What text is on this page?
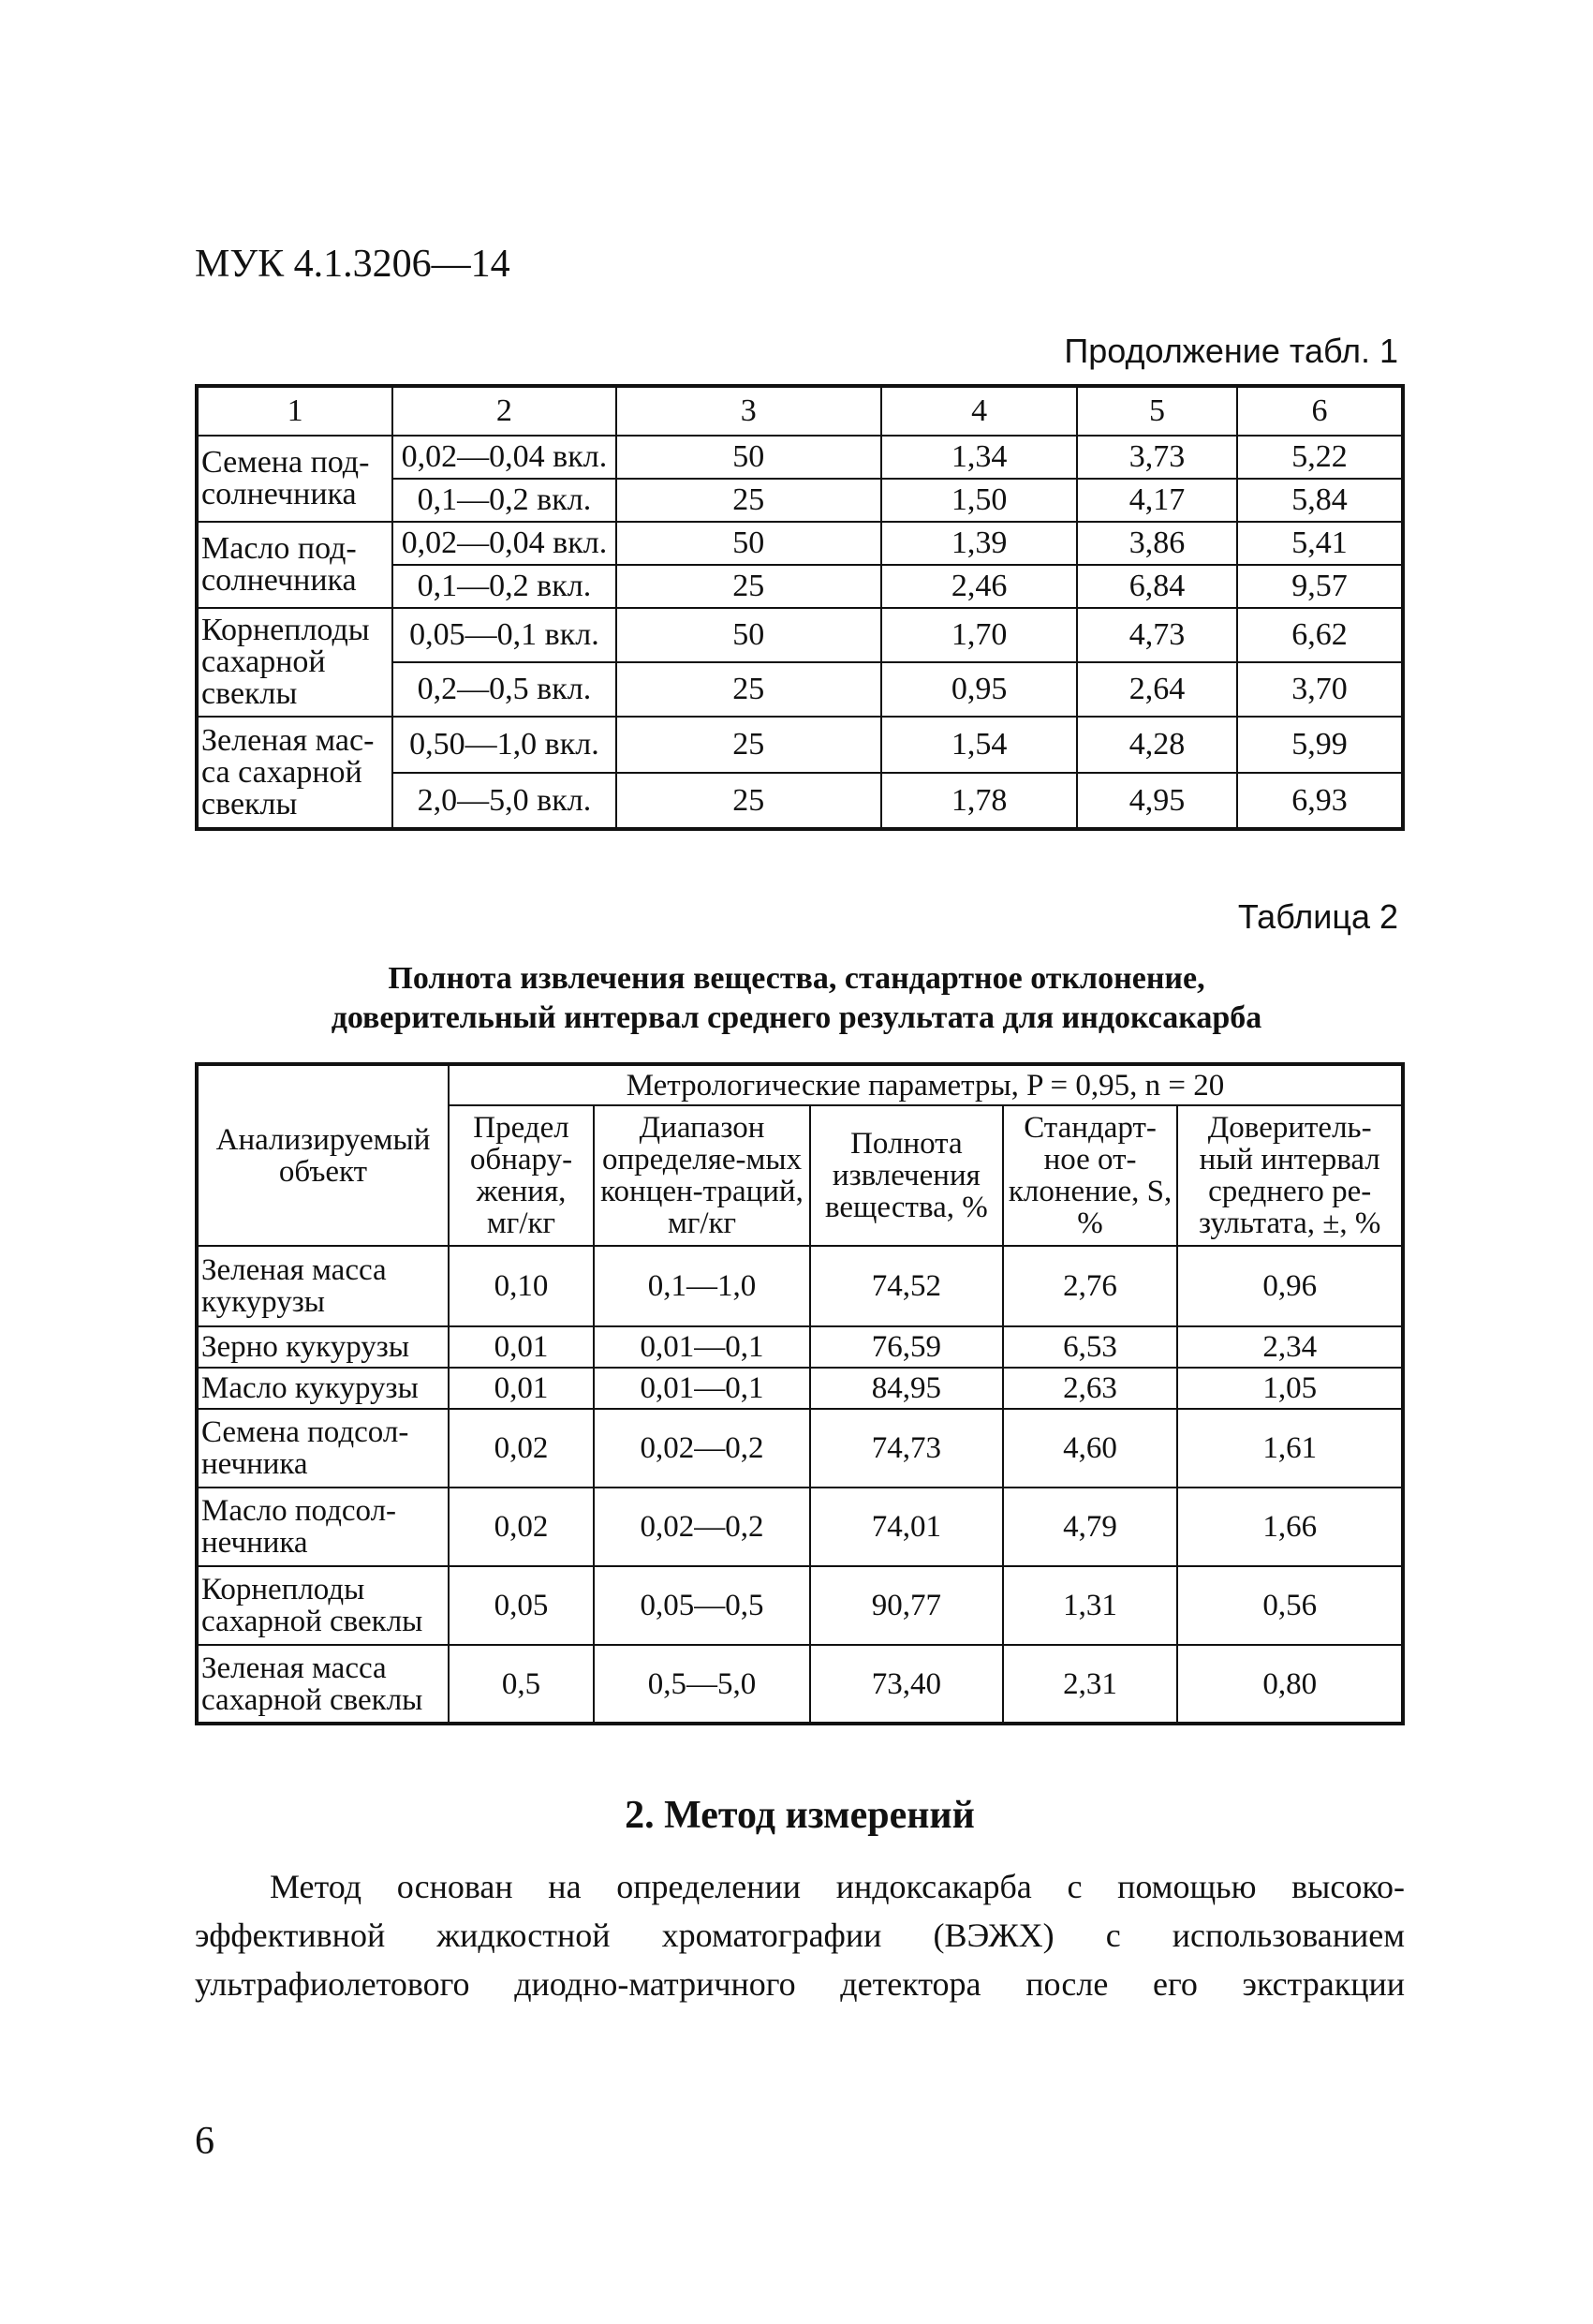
МУК 4.1.3206—14
Продолжение табл. 1
1	2	3	4	5	6
Семена под-солнечника	0,02—0,04 вкл.	50	1,34	3,73	5,22
	0,1—0,2 вкл.	25	1,50	4,17	5,84
Масло под-солнечника	0,02—0,04 вкл.	50	1,39	3,86	5,41
	0,1—0,2 вкл.	25	2,46	6,84	9,57
Корнеплоды сахарной свеклы	0,05—0,1 вкл.	50	1,70	4,73	6,62
	0,2—0,5 вкл.	25	0,95	2,64	3,70
Зеленая мас-са сахарной свеклы	0,50—1,0 вкл.	25	1,54	4,28	5,99
	2,0—5,0 вкл.	25	1,78	4,95	6,93
Таблица 2
Полнота извлечения вещества, стандартное отклонение,
доверительный интервал среднего результата для индоксакарба
Анализируемый объект	Метрологические параметры, P = 0,95, n = 20				
	Предел обнару-жения, мг/кг	Диапазон определяе-мых концен-траций, мг/кг	Полнота извлечения вещества, %	Стандарт-ное от-клонение, S, %	Доверитель-ный интервал среднего ре-зультата, ±, %
Зеленая масса кукурузы	0,10	0,1—1,0	74,52	2,76	0,96
Зерно кукурузы	0,01	0,01—0,1	76,59	6,53	2,34
Масло кукурузы	0,01	0,01—0,1	84,95	2,63	1,05
Семена подсол-нечника	0,02	0,02—0,2	74,73	4,60	1,61
Масло подсол-нечника	0,02	0,02—0,2	74,01	4,79	1,66
Корнеплоды сахарной свеклы	0,05	0,05—0,5	90,77	1,31	0,56
Зеленая масса сахарной свеклы	0,5	0,5—5,0	73,40	2,31	0,80
2. Метод измерений
Метод основан на определении индоксакарба с помощью высоко-
эффективной жидкостной хроматографии (ВЭЖХ) с использованием
ультрафиолетового диодно-матричного детектора после его экстракции
6
